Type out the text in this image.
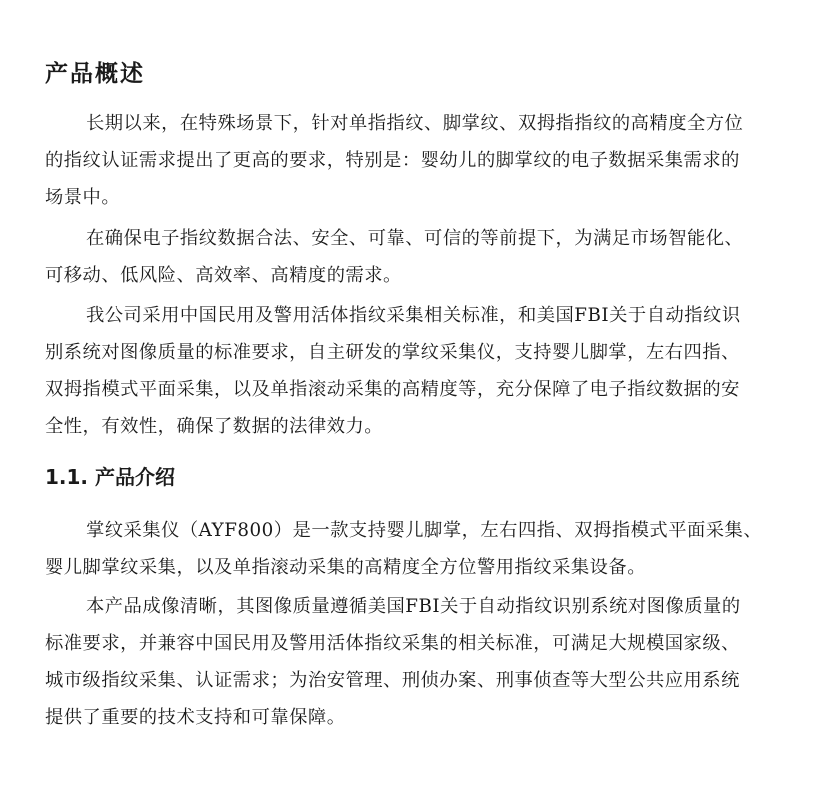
产品概述
长期以来，在特殊场景下，针对单指指纹、脚掌纹、双拇指指纹的高精度全方位
的指纹认证需求提出了更高的要求，特别是：婴幼儿的脚掌纹的电子数据采集需求的
场景中。
在确保电子指纹数据合法、安全、可靠、可信的等前提下，为满足市场智能化、
可移动、低风险、高效率、高精度的需求。
我公司采用中国民用及警用活体指纹采集相关标准，和美国FBI关于自动指纹识
别系统对图像质量的标准要求，自主研发的掌纹采集仪，支持婴儿脚掌，左右四指、
双拇指模式平面采集，以及单指滚动采集的高精度等，充分保障了电子指纹数据的安
全性，有效性，确保了数据的法律效力。
1.1. 产品介绍
掌纹采集仪（AYF800）是一款支持婴儿脚掌，左右四指、双拇指模式平面采集、
婴儿脚掌纹采集，以及单指滚动采集的高精度全方位警用指纹采集设备。
本产品成像清晰，其图像质量遵循美国FBI关于自动指纹识别系统对图像质量的
标准要求，并兼容中国民用及警用活体指纹采集的相关标准，可满足大规模国家级、
城市级指纹采集、认证需求；为治安管理、刑侦办案、刑事侦查等大型公共应用系统
提供了重要的技术支持和可靠保障。
